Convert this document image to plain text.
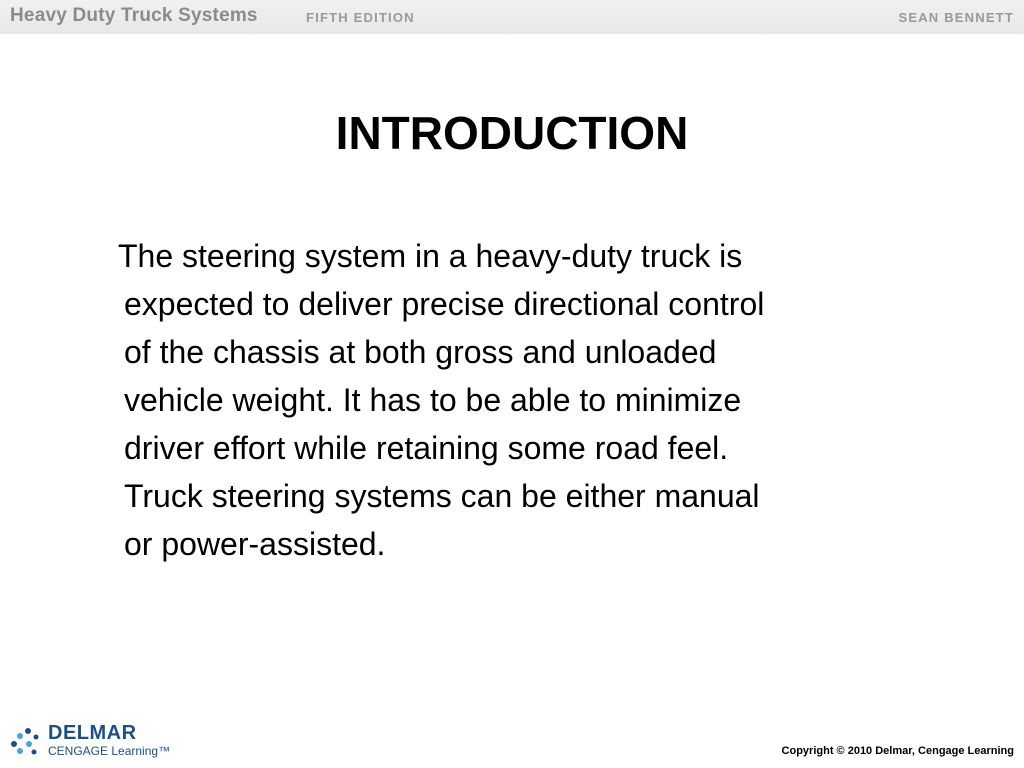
Heavy Duty Truck Systems	FIFTH EDITION	SEAN BENNETT
INTRODUCTION

The steering system in a heavy-duty truck is
expected to deliver precise directional control
of the chassis at both gross and unloaded
vehicle weight. It has to be able to minimize
driver effort while retaining some road feel.
Truck steering systems can be either manual
or power-assisted.

DELMAR
CENGAGE Learning™	Copyright © 2010 Delmar, Cengage Learning
